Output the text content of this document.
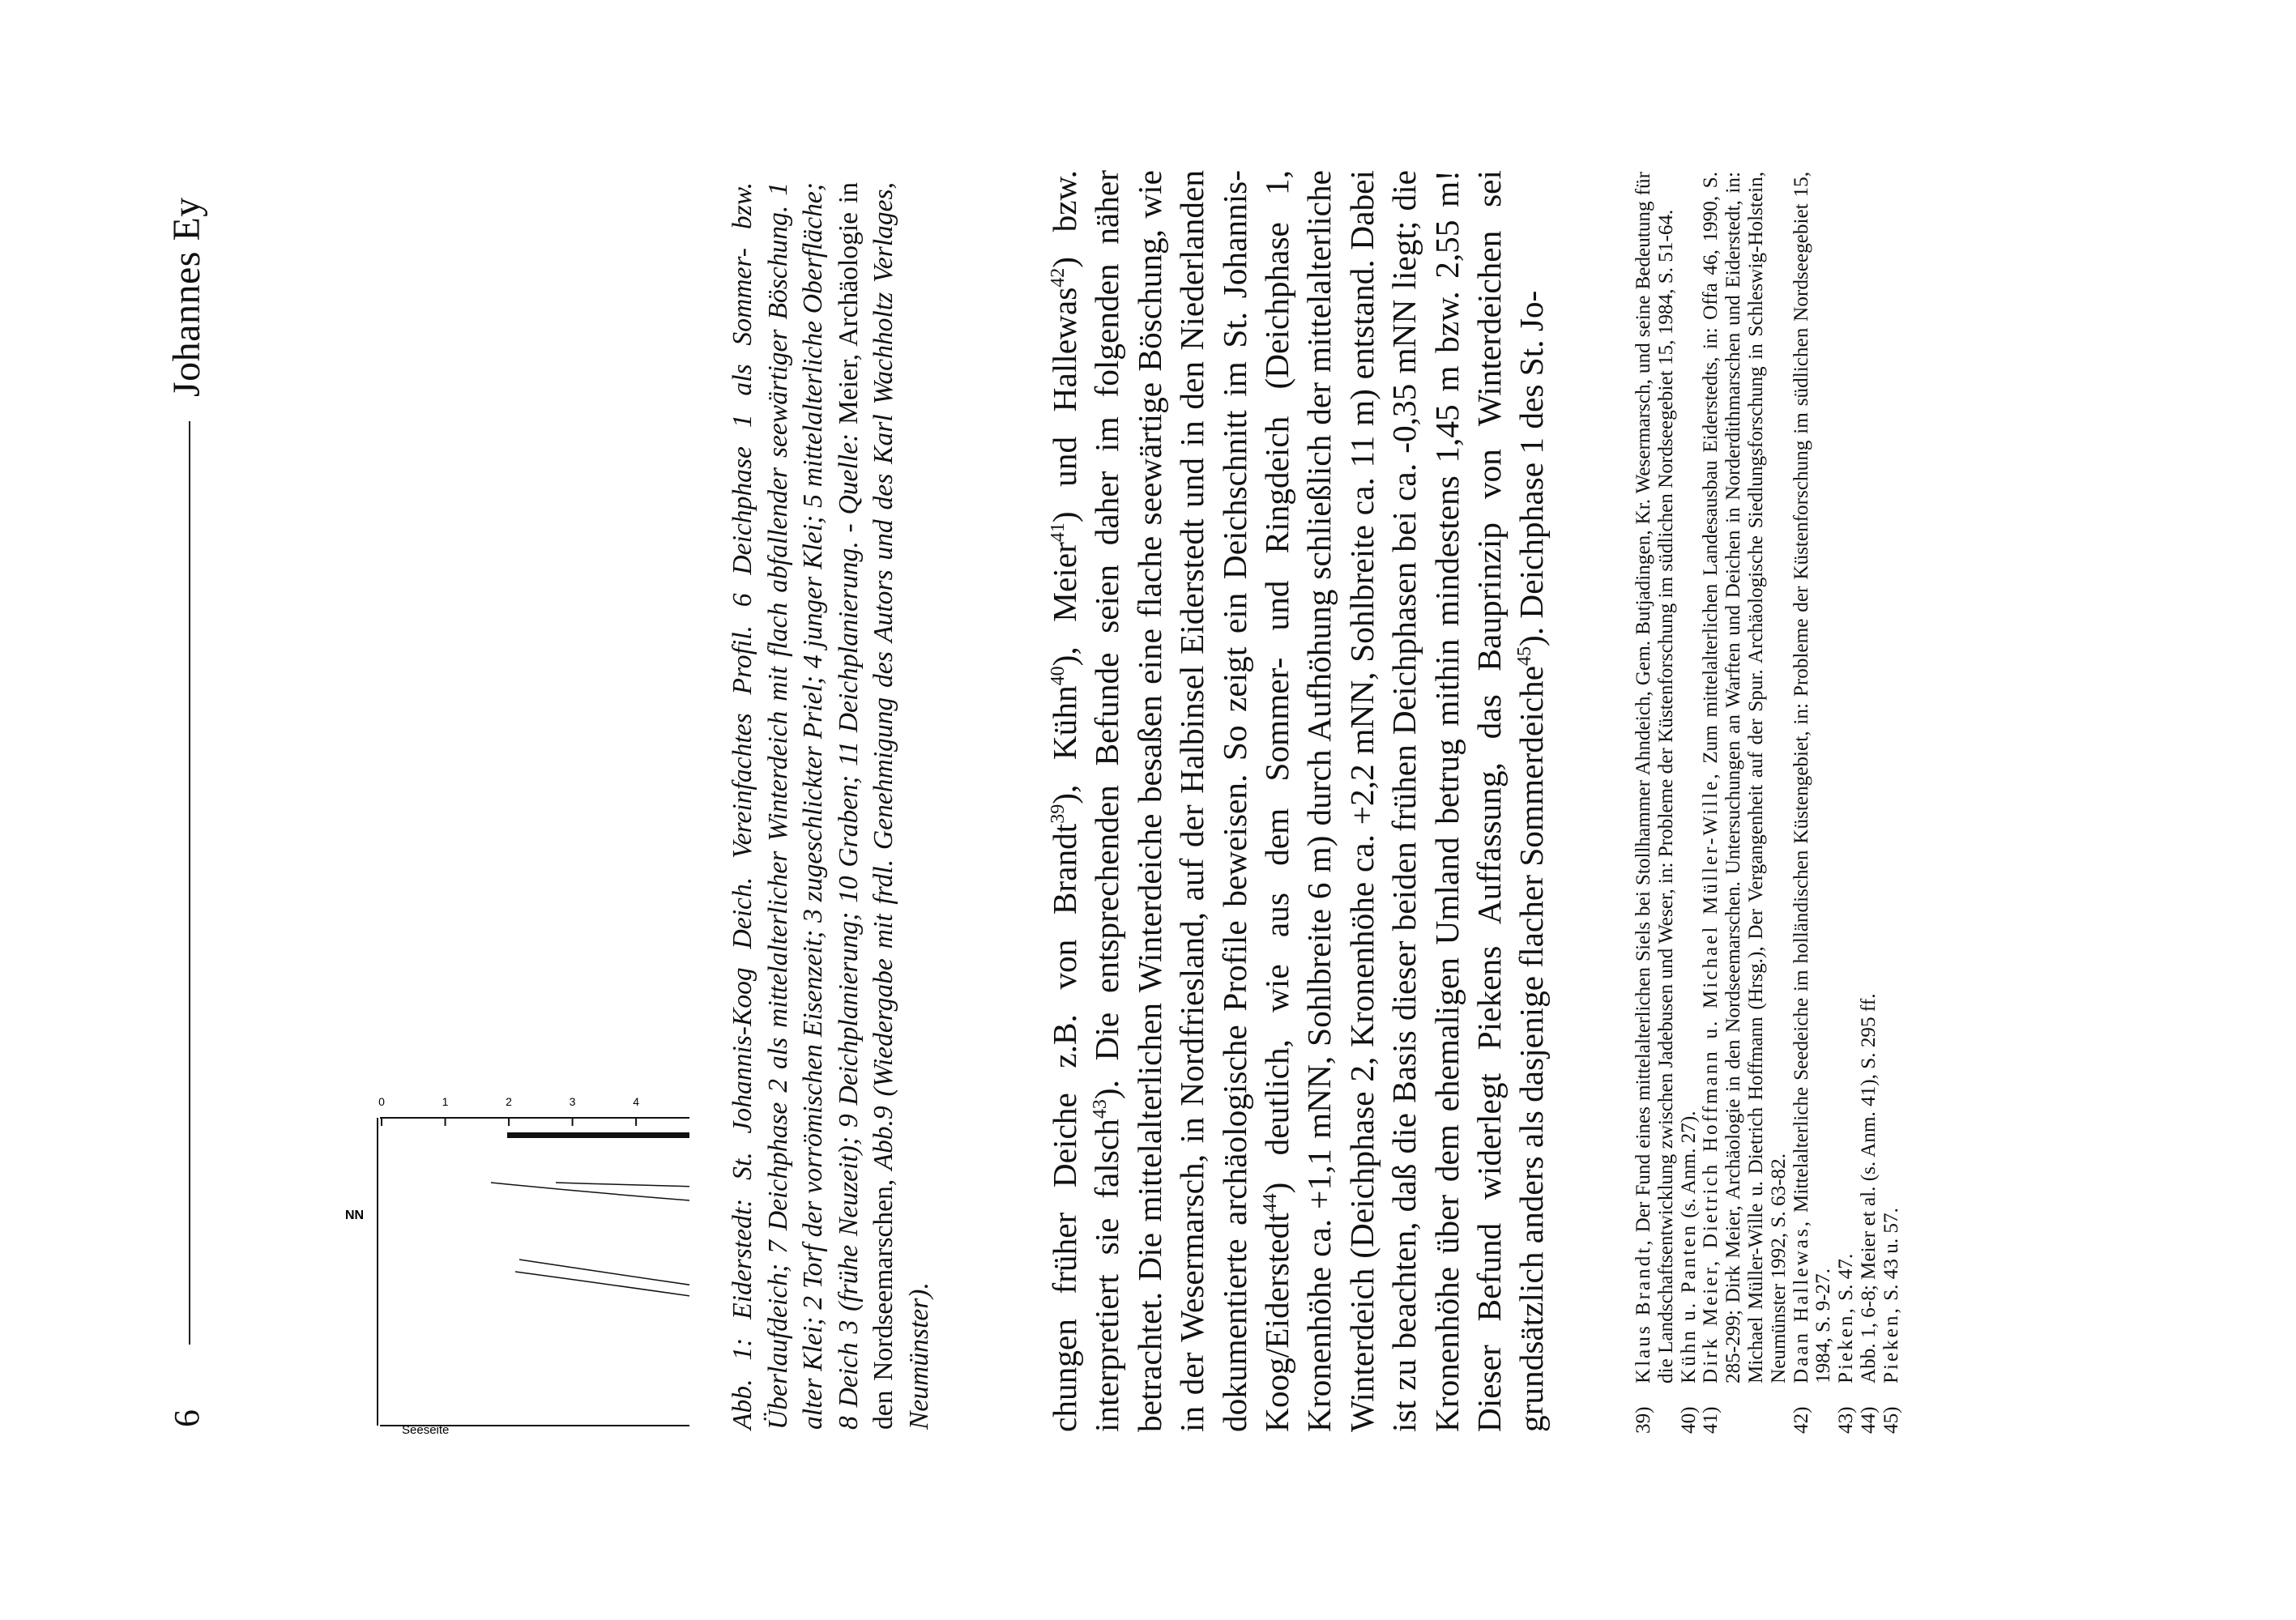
6
Johannes Ey
Seeseite
0	1	2	3	4
NN	Abb. 1: Eiderstedt: St. Johannis-Koog Deich. Vereinfachtes Profil. 6 Deichphase 1 als Sommer- bzw. Überlaufdeich; 7 Deichphase 2 als mittelalterlicher Winterdeich mit flach abfallender seewärtiger Böschung. 1 alter Klei; 2 Torf der vorrömischen Eisenzeit; 3 zugeschlickter Priel; 4 junger Klei; 5 mittelalterliche Oberfläche; 8 Deich 3 (frühe Neuzeit); 9 Deichplanierung; 10 Graben; 11 Deichplanierung. - Quelle: Meier, Archäologie in den Nordseemarschen, Abb.9 (Wiedergabe mit frdl. Genehmigung des Autors und des Karl Wachholtz Verlages, Neumünster).	chungen früher Deiche z.B. von Brandt$^{39}$), Kühn$^{40}$), Meier$^{41}$) und Hallewas$^{42}$) bzw. interpretiert sie falsch$^{43}$). Die entsprechenden Befunde seien daher im folgenden näher betrachtet. Die mittelalterlichen Winterdeiche besaßen eine flache seewärtige Böschung, wie in der Wesermarsch, in Nordfriesland, auf der Halbinsel Eiderstedt und in den Niederlanden dokumentierte archäologische Profile beweisen. So zeigt ein Deichschnitt im St. Johannis-Koog/Eiderstedt$^{44}$) deutlich, wie aus dem Sommer- und Ringdeich (Deichphase 1, Kronenhöhe ca. +1,1 mNN, Sohlbreite 6 m) durch Aufhöhung schließlich der mittelalterliche Winterdeich (Deichphase 2, Kronenhöhe ca. +2,2 mNN, Sohlbreite ca. 11 m) entstand. Dabei ist zu beachten, daß die Basis dieser beiden frühen Deichphasen bei ca. -0,35 mNN liegt; die Kronenhöhe über dem ehemaligen Umland betrug mithin mindestens 1,45 m bzw. 2,55 m! Dieser Befund widerlegt Piekens Auffassung, das Bauprinzip von Winterdeichen sei grundsätzlich anders als dasjenige flacher Sommerdeiche$^{45}$). Deichphase 1 des St. Jo-

39)
Klaus Brandt, Der Fund eines mittelalterlichen Siels bei Stollhammer Ahndeich, Gem. Butjadingen, Kr. Wesermarsch, und seine Bedeutung für die Landschaftsentwicklung zwischen Jadebusen und Weser, in: Probleme der Küstenforschung im südlichen Nordseegebiet 15, 1984, S. 51-64.
40)
Kühn u. Panten (s. Anm. 27).
41)
Dirk Meier, Dietrich Hoffmann u. Michael Müller-Wille, Zum mittelalterlichen Landesausbau Eiderstedts, in: Offa 46, 1990, S. 285-299; Dirk Meier, Archäologie in den Nordseemarschen. Untersuchungen an Warften und Deichen in Norderdithmarschen und Eiderstedt, in: Michael Müller-Wille u. Dietrich Hoffmann (Hrsg.), Der Vergangenheit auf der Spur. Archäologische Siedlungsforschung in Schleswig-Holstein, Neumünster 1992, S. 63-82.
42)
Daan Hallewas, Mittelalterliche Seedeiche im holländischen Küstengebiet, in: Probleme der Küstenforschung im südlichen Nordseegebiet 15, 1984, S. 9-27.
43)
Pieken, S. 47.
44)
Abb. 1, 6-8; Meier et al. (s. Anm. 41), S. 295 ff.
45)
Pieken, S. 43 u. 57.
